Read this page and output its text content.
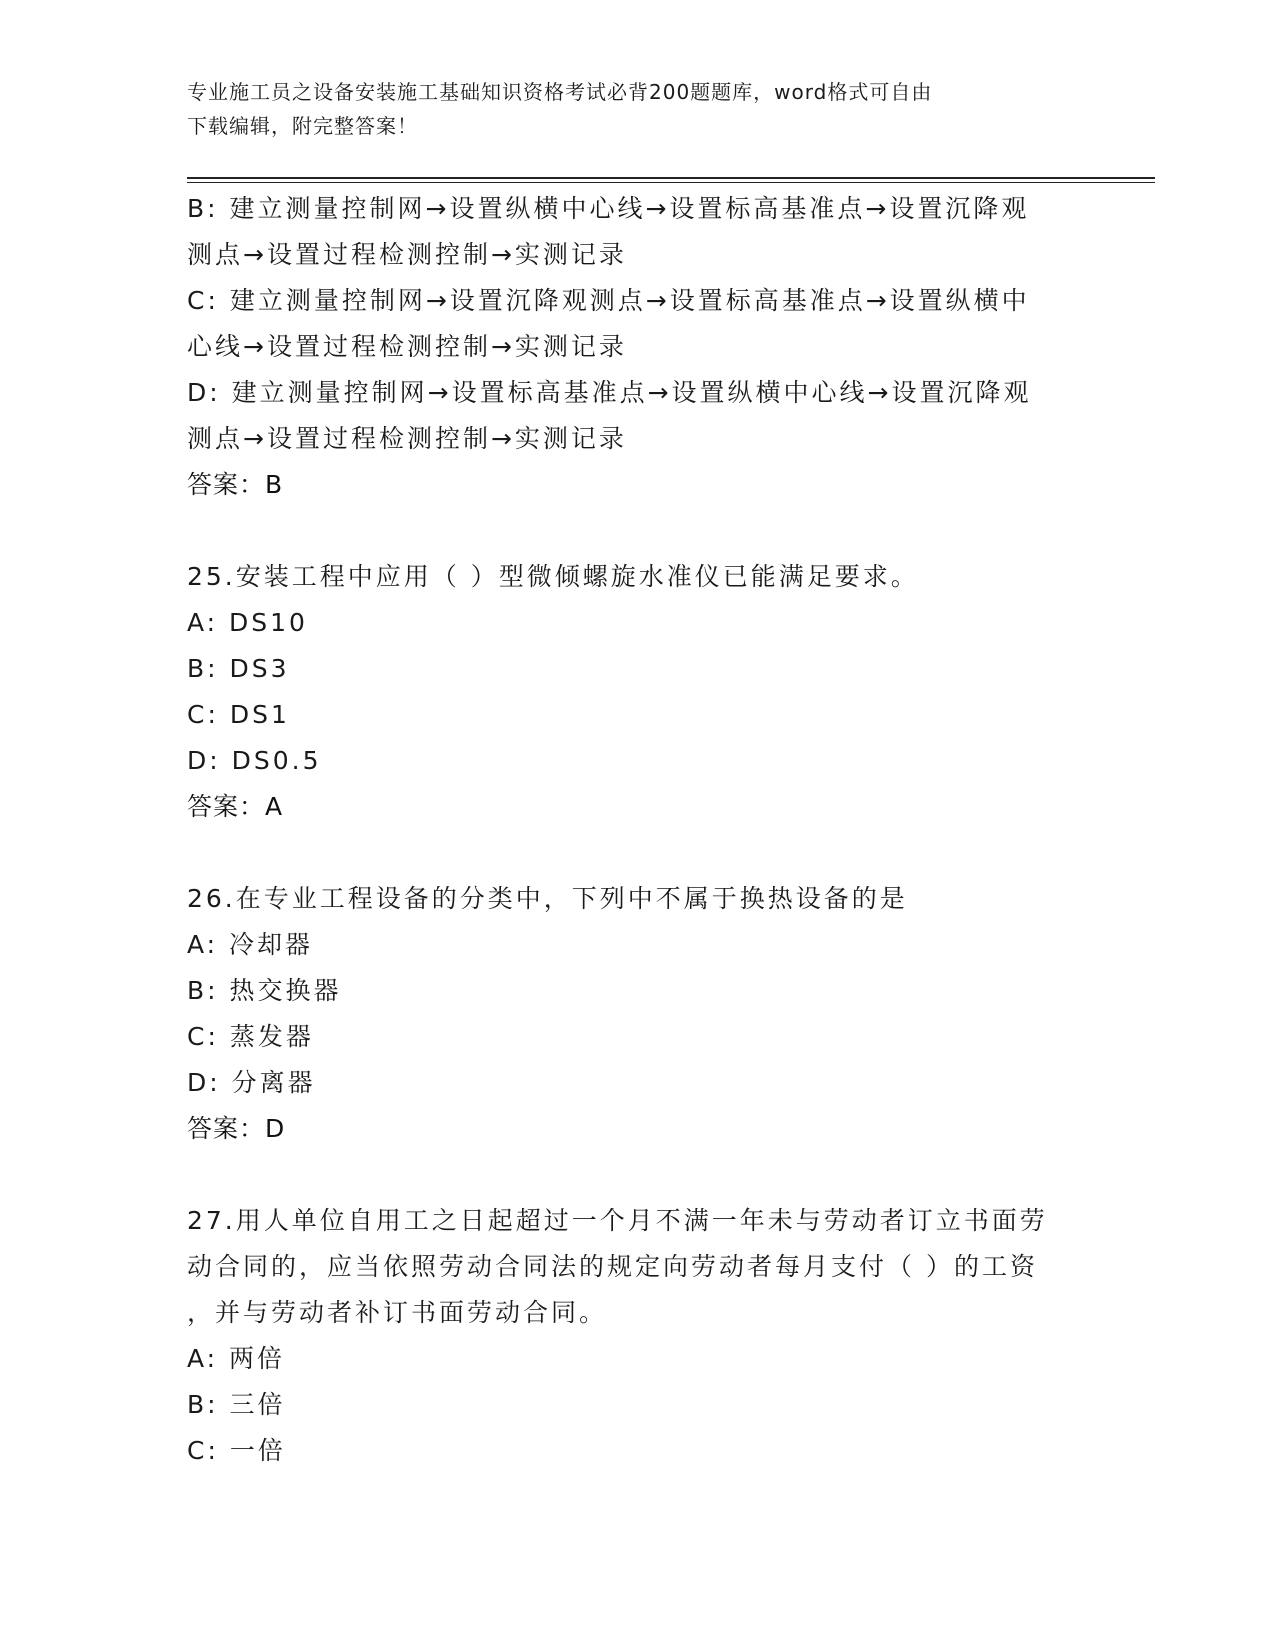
专业施工员之设备安装施工基础知识资格考试必背200题题库，word格式可自由
下载编辑，附完整答案！
B: 建立测量控制网→设置纵横中心线→设置标高基准点→设置沉降观
测点→设置过程检测控制→实测记录
C: 建立测量控制网→设置沉降观测点→设置标高基准点→设置纵横中
心线→设置过程检测控制→实测记录
D: 建立测量控制网→设置标高基准点→设置纵横中心线→设置沉降观
测点→设置过程检测控制→实测记录
答案：B
25.安装工程中应用（ ）型微倾螺旋水准仪已能满足要求。
A: DS10
B: DS3
C: DS1
D: DS0.5
答案：A
26.在专业工程设备的分类中，下列中不属于换热设备的是
A: 冷却器
B: 热交换器
C: 蒸发器
D: 分离器
答案：D
27.用人单位自用工之日起超过一个月不满一年未与劳动者订立书面劳
动合同的，应当依照劳动合同法的规定向劳动者每月支付（ ）的工资
，并与劳动者补订书面劳动合同。
A: 两倍
B: 三倍
C: 一倍
